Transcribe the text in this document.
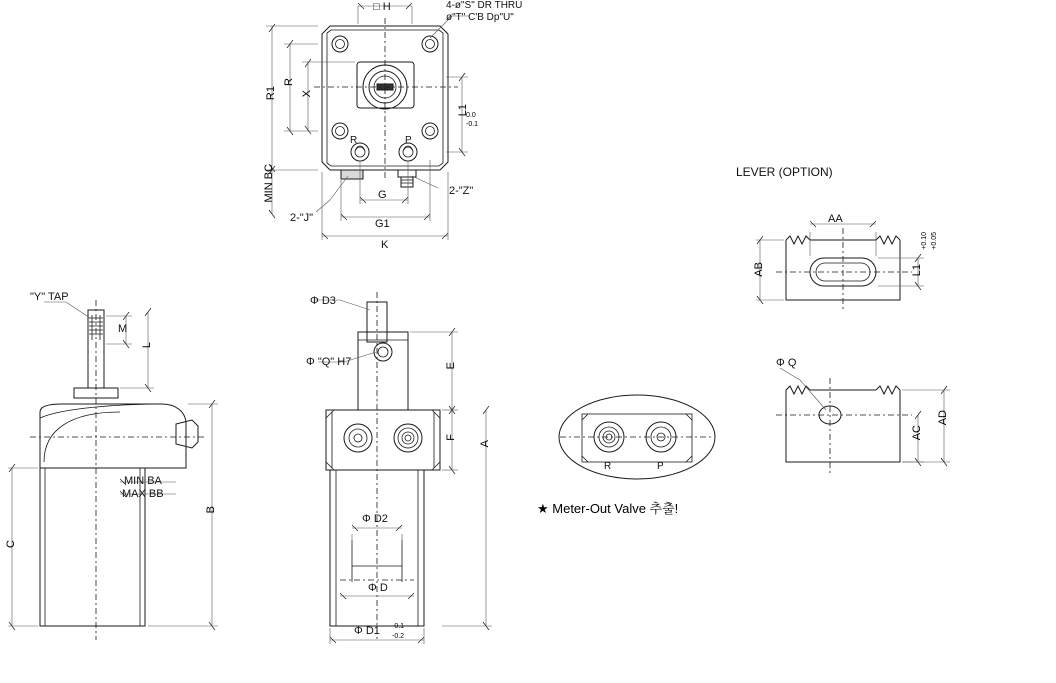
□ H	4-ø"S" DR THRU
ø"T" C'B Dp"U"
R
R1 X
L1
0.0
-0.1
R	P
MIN BC
2-"J"
2-"Z"
G
G1
K
"Y" TAP
M
L
B
C
MIN BA
MAX BB
Φ D3
Φ "Q" H7	E
F
A
Φ D2
Φ D
Φ D1 -0.1
-0.2
R	P
★ Meter-Out Valve 추출!
LEVER (OPTION)
AA
AB	L1
+0.10 +0.05
Φ Q
AC
AD
